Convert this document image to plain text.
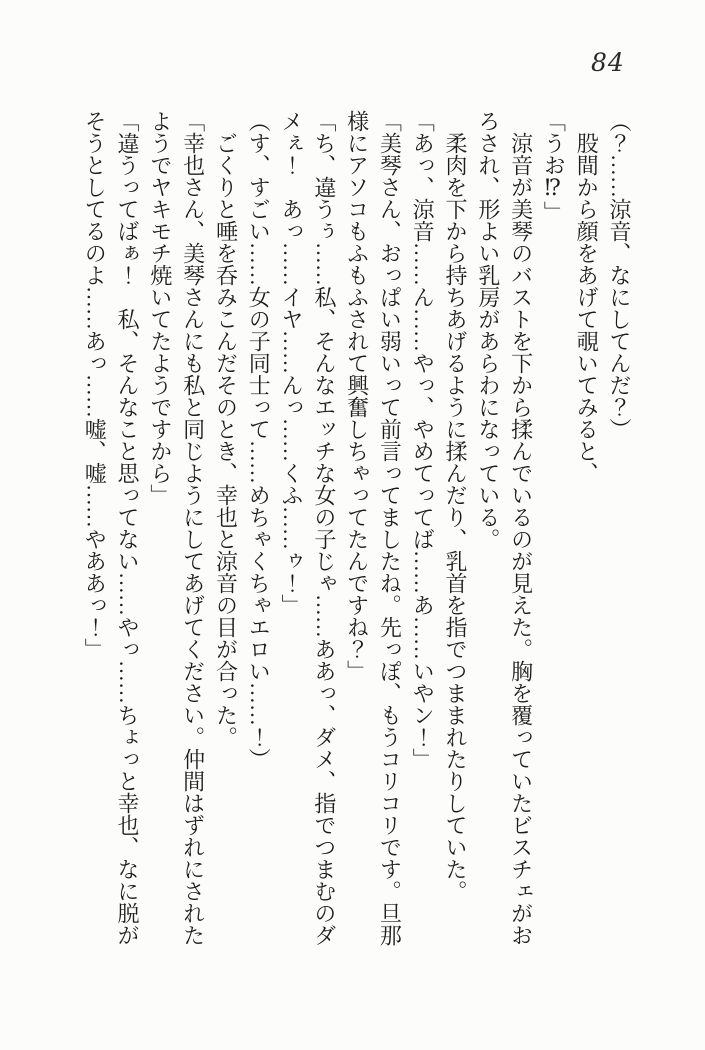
84

（？……涼音、なにしてんだ？）

股間から顔をあげて覗いてみると、

「うお⁉」

涼音が美琴のバストを下から揉んでいるのが見えた。胸を覆っていたビスチェがお

ろされ、形よい乳房があらわになっている。

柔肉を下から持ちあげるように揉んだり、乳首を指でつままれたりしていた。

「あっ、涼音……ん……やっ、やめてってば……あ……いやン！」

「美琴さん、おっぱい弱いって前言ってましたね。先っぽ、もうコリコリです。旦那

様にアソコもふもふされて興奮しちゃってたんですね？」

「ち、違うぅ……私、そんなエッチな女の子じゃ……ああっ、ダメ、指でつまむのダ

メぇ！　あっ……イヤ……んっ……くふ……ゥ！」

（す、すごい……女の子同士って……めちゃくちゃエロい……！）

ごくりと唾を呑みこんだそのとき、幸也と涼音の目が合った。

「幸也さん、美琴さんにも私と同じようにしてあげてください。仲間はずれにされた

ようでヤキモチ焼いてたようですから」

「違うってばぁ！　私、そんなこと思ってない……やっ……ちょっと幸也、なに脱が

そうとしてるのよ……あっ……嘘、嘘……やああっ！」
